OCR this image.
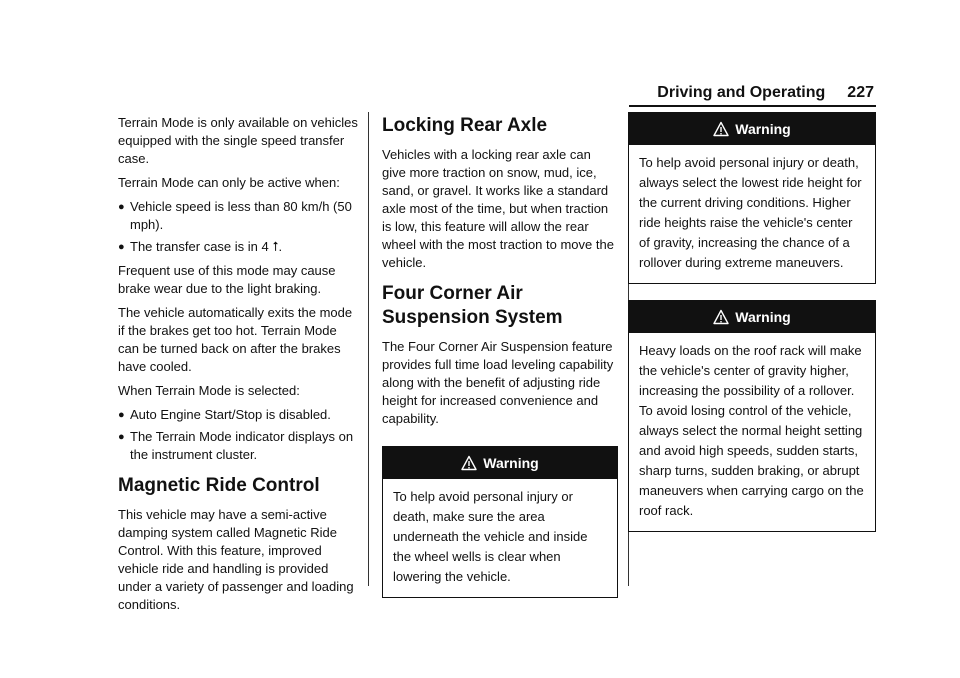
Driving and Operating 227

Terrain Mode is only available on vehicles equipped with the single speed transfer case.

Terrain Mode can only be active when:

● Vehicle speed is less than 80 km/h (50 mph).
● The transfer case is in 4 ⭡.

Frequent use of this mode may cause brake wear due to the light braking.

The vehicle automatically exits the mode if the brakes get too hot. Terrain Mode can be turned back on after the brakes have cooled.

When Terrain Mode is selected:

● Auto Engine Start/Stop is disabled.
● The Terrain Mode indicator displays on the instrument cluster.
Magnetic Ride Control

This vehicle may have a semi-active damping system called Magnetic Ride Control. With this feature, improved vehicle ride and handling is provided under a variety of passenger and loading conditions.

Locking Rear Axle

Vehicles with a locking rear axle can give more traction on snow, mud, ice, sand, or gravel. It works like a standard axle most of the time, but when traction is low, this feature will allow the rear wheel with the most traction to move the vehicle.

Four Corner Air Suspension System

The Four Corner Air Suspension feature provides full time load leveling capability along with the benefit of adjusting ride height for increased convenience and capability.

Warning
To help avoid personal injury or death, make sure the area underneath the vehicle and inside the wheel wells is clear when lowering the vehicle.
Warning
To help avoid personal injury or death, always select the lowest ride height for the current driving conditions. Higher ride heights raise the vehicle's center of gravity, increasing the chance of a rollover during extreme maneuvers.
Warning
Heavy loads on the roof rack will make the vehicle's center of gravity higher, increasing the possibility of a rollover. To avoid losing control of the vehicle, always select the normal height setting and avoid high speeds, sudden starts, sharp turns, sudden braking, or abrupt maneuvers when carrying cargo on the roof rack.
